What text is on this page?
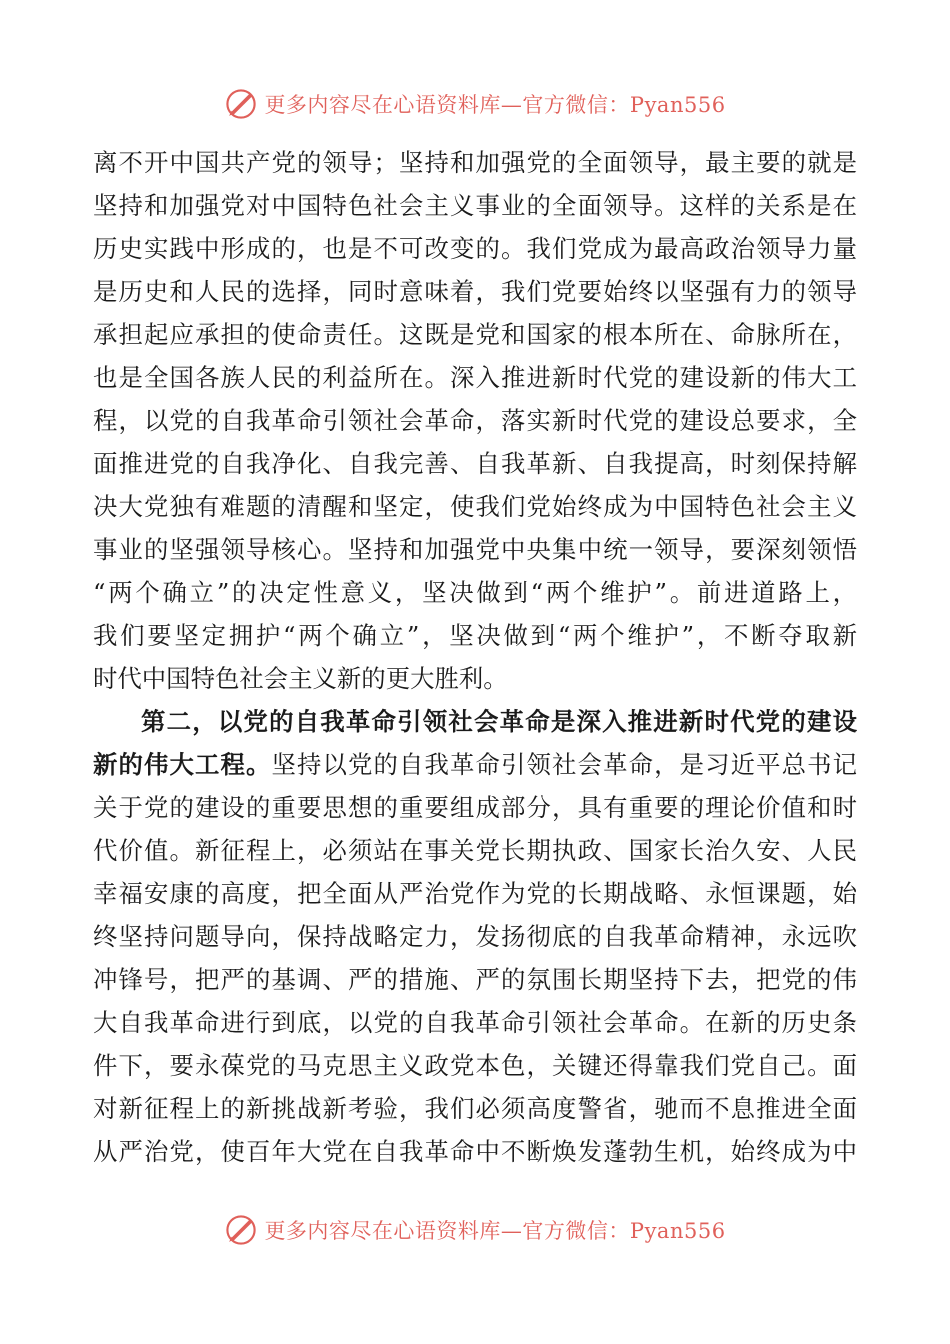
更多内容尽在心语资料库—官方微信：Pyan556
离不开中国共产党的领导；坚持和加强党的全面领导，最主要的就是
坚持和加强党对中国特色社会主义事业的全面领导。这样的关系是在
历史实践中形成的，也是不可改变的。我们党成为最高政治领导力量
是历史和人民的选择，同时意味着，我们党要始终以坚强有力的领导
承担起应承担的使命责任。这既是党和国家的根本所在、命脉所在，
也是全国各族人民的利益所在。深入推进新时代党的建设新的伟大工
程，以党的自我革命引领社会革命，落实新时代党的建设总要求，全
面推进党的自我净化、自我完善、自我革新、自我提高，时刻保持解
决大党独有难题的清醒和坚定，使我们党始终成为中国特色社会主义
事业的坚强领导核心。坚持和加强党中央集中统一领导，要深刻领悟
“两个确立”的决定性意义，坚决做到“两个维护”。前进道路上，
我们要坚定拥护“两个确立”，坚决做到“两个维护”，不断夺取新
时代中国特色社会主义新的更大胜利。
第二，以党的自我革命引领社会革命是深入推进新时代党的建设
新的伟大工程。坚持以党的自我革命引领社会革命，是习近平总书记
关于党的建设的重要思想的重要组成部分，具有重要的理论价值和时
代价值。新征程上，必须站在事关党长期执政、国家长治久安、人民
幸福安康的高度，把全面从严治党作为党的长期战略、永恒课题，始
终坚持问题导向，保持战略定力，发扬彻底的自我革命精神，永远吹
冲锋号，把严的基调、严的措施、严的氛围长期坚持下去，把党的伟
大自我革命进行到底，以党的自我革命引领社会革命。在新的历史条
件下，要永葆党的马克思主义政党本色，关键还得靠我们党自己。面
对新征程上的新挑战新考验，我们必须高度警省，驰而不息推进全面
从严治党，使百年大党在自我革命中不断焕发蓬勃生机，始终成为中
更多内容尽在心语资料库—官方微信：Pyan556
